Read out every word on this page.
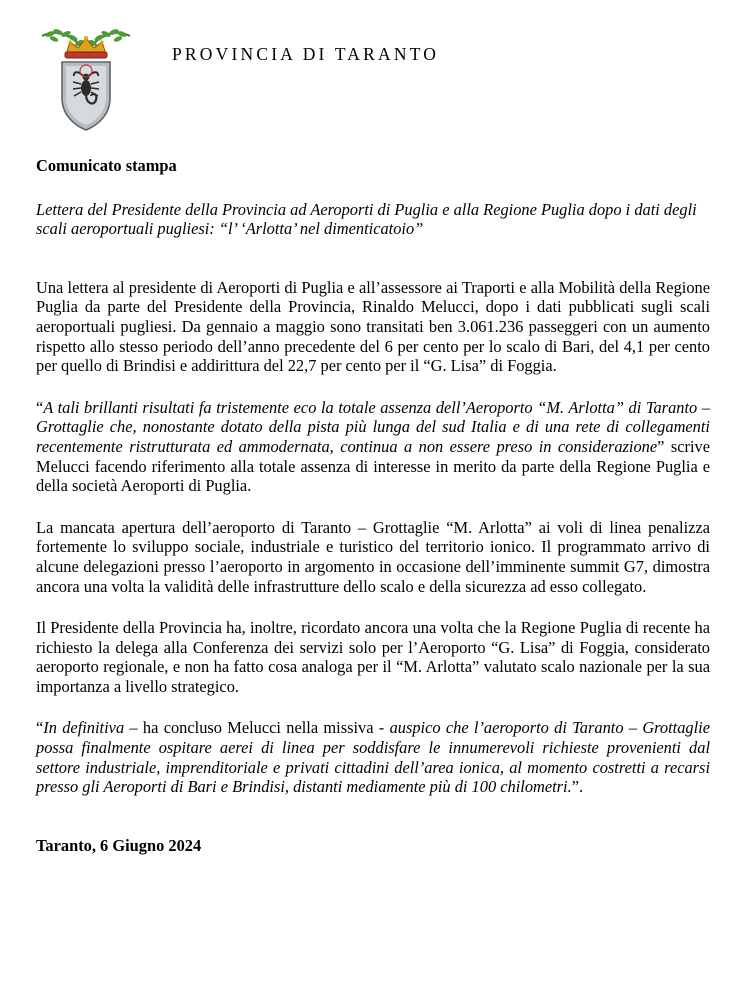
PROVINCIA DI TARANTO

Comunicato stampa

Lettera del Presidente della Provincia ad Aeroporti di Puglia e alla Regione Puglia dopo i dati degli scali aeroportuali pugliesi: “l’ ‘Arlotta’ nel dimenticatoio”

Una lettera al presidente di Aeroporti di Puglia e all’assessore ai Traporti e alla Mobilità della Regione Puglia da parte del Presidente della Provincia, Rinaldo Melucci, dopo i dati pubblicati sugli scali aeroportuali pugliesi. Da gennaio a maggio sono transitati ben 3.061.236 passeggeri con un aumento rispetto allo stesso periodo dell’anno precedente del 6 per cento per lo scalo di Bari, del 4,1 per cento per quello di Brindisi e addirittura del 22,7 per cento per il “G. Lisa” di Foggia.

“A tali brillanti risultati fa tristemente eco la totale assenza dell’Aeroporto “M. Arlotta” di Taranto – Grottaglie che, nonostante dotato della pista più lunga del sud Italia e di una rete di collegamenti recentemente ristrutturata ed ammodernata, continua a non essere preso in considerazione” scrive Melucci facendo riferimento alla totale assenza di interesse in merito da parte della Regione Puglia e della società Aeroporti di Puglia.

La mancata apertura dell’aeroporto di Taranto – Grottaglie “M. Arlotta” ai voli di linea penalizza fortemente lo sviluppo sociale, industriale e turistico del territorio ionico. Il programmato arrivo di alcune delegazioni presso l’aeroporto in argomento in occasione dell’imminente summit G7, dimostra ancora una volta la validità delle infrastrutture dello scalo e della sicurezza ad esso collegato.

Il Presidente della Provincia ha, inoltre, ricordato ancora una volta che la Regione Puglia di recente ha richiesto la delega alla Conferenza dei servizi solo per l’Aeroporto “G. Lisa” di Foggia, considerato aeroporto regionale, e non ha fatto cosa analoga per il “M. Arlotta” valutato scalo nazionale per la sua importanza a livello strategico.

“In definitiva – ha concluso Melucci nella missiva - auspico che l’aeroporto di Taranto – Grottaglie possa finalmente ospitare aerei di linea per soddisfare le innumerevoli richieste provenienti dal settore industriale, imprenditoriale e privati cittadini dell’area ionica, al momento costretti a recarsi presso gli Aeroporti di Bari e Brindisi, distanti mediamente più di 100 chilometri.”.

Taranto, 6 Giugno 2024
